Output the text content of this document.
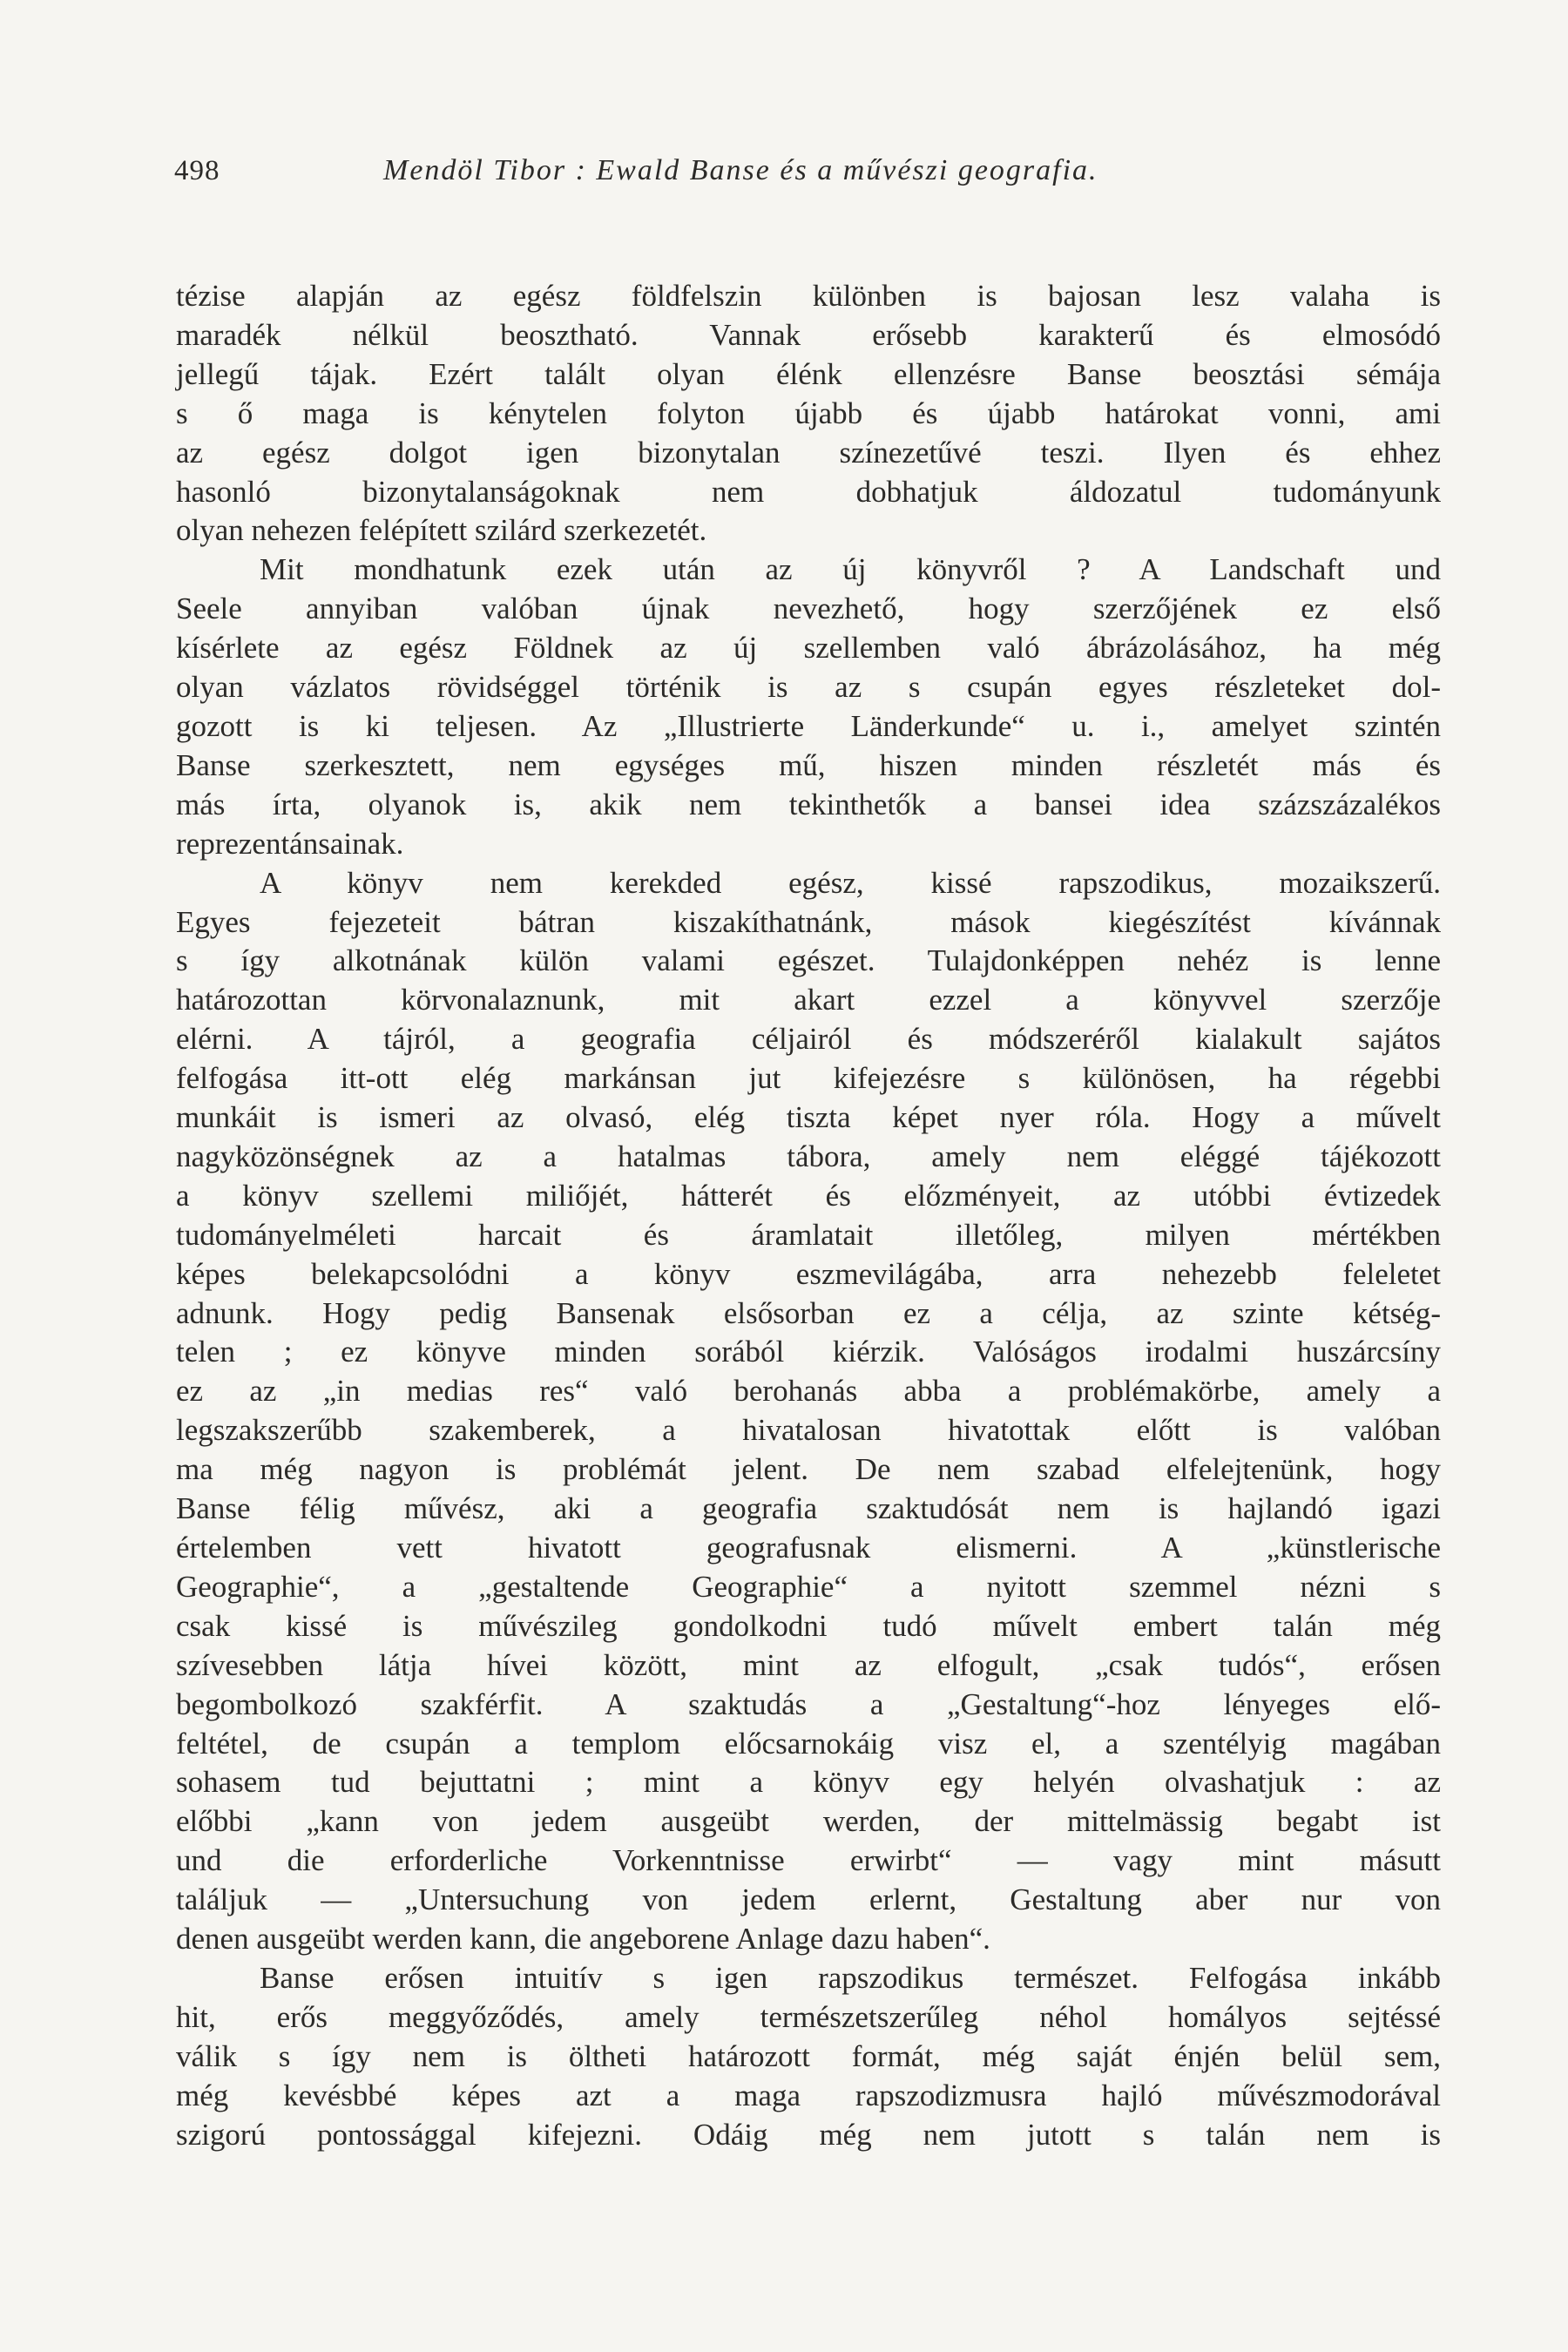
498	Mendöl Tibor : Ewald Banse és a művészi geografia.
tézise alapján az egész földfelszin különben is bajosan lesz valaha is
maradék nélkül beosztható. Vannak erősebb karakterű és elmosódó
jellegű tájak. Ezért talált olyan élénk ellenzésre Banse beosztási sémája
s ő maga is kénytelen folyton újabb és újabb határokat vonni, ami
az egész dolgot igen bizonytalan színezetűvé teszi. Ilyen és ehhez
hasonló bizonytalanságoknak nem dobhatjuk áldozatul tudományunk
olyan nehezen felépített szilárd szerkezetét.
Mit mondhatunk ezek után az új könyvről ? A Landschaft und
Seele annyiban valóban újnak nevezhető, hogy szerzőjének ez első
kísérlete az egész Földnek az új szellemben való ábrázolásához, ha még
olyan vázlatos rövidséggel történik is az s csupán egyes részleteket dol-
gozott is ki teljesen. Az „Illustrierte Länderkunde“ u. i., amelyet szintén
Banse szerkesztett, nem egységes mű, hiszen minden részletét más és
más írta, olyanok is, akik nem tekinthetők a bansei idea százszázalékos
reprezentánsainak.
A könyv nem kerekded egész, kissé rapszodikus, mozaikszerű.
Egyes fejezeteit bátran kiszakíthatnánk, mások kiegészítést kívánnak
s így alkotnának külön valami egészet. Tulajdonképpen nehéz is lenne
határozottan körvonalaznunk, mit akart ezzel a könyvvel szerzője
elérni. A tájról, a geografia céljairól és módszeréről kialakult sajátos
felfogása itt-ott elég markánsan jut kifejezésre s különösen, ha régebbi
munkáit is ismeri az olvasó, elég tiszta képet nyer róla. Hogy a művelt
nagyközönségnek az a hatalmas tábora, amely nem eléggé tájékozott
a könyv szellemi miliőjét, hátterét és előzményeit, az utóbbi évtizedek
tudományelméleti harcait és áramlatait illetőleg, milyen mértékben
képes belekapcsolódni a könyv eszmevilágába, arra nehezebb feleletet
adnunk. Hogy pedig Bansenak elsősorban ez a célja, az szinte kétség-
telen ; ez könyve minden sorából kiérzik. Valóságos irodalmi huszárcsíny
ez az „in medias res“ való berohanás abba a problémakörbe, amely a
legszakszerűbb szakemberek, a hivatalosan hivatottak előtt is valóban
ma még nagyon is problémát jelent. De nem szabad elfelejtenünk, hogy
Banse félig művész, aki a geografia szaktudósát nem is hajlandó igazi
értelemben vett hivatott geografusnak elismerni. A „künstlerische
Geographie“, a „gestaltende Geographie“ a nyitott szemmel nézni s
csak kissé is művészileg gondolkodni tudó művelt embert talán még
szívesebben látja hívei között, mint az elfogult, „csak tudós“, erősen
begombolkozó szakférfit. A szaktudás a „Gestaltung“-hoz lényeges elő-
feltétel, de csupán a templom előcsarnokáig visz el, a szentélyig magában
sohasem tud bejuttatni ; mint a könyv egy helyén olvashatjuk : az
előbbi „kann von jedem ausgeübt werden, der mittelmässig begabt ist
und die erforderliche Vorkenntnisse erwirbt“ — vagy mint másutt
találjuk — „Untersuchung von jedem erlernt, Gestaltung aber nur von
denen ausgeübt werden kann, die angeborene Anlage dazu haben“.
Banse erősen intuitív s igen rapszodikus természet. Felfogása inkább
hit, erős meggyőződés, amely természetszerűleg néhol homályos sejtéssé
válik s így nem is öltheti határozott formát, még saját énjén belül sem,
még kevésbbé képes azt a maga rapszodizmusra hajló művészmodorával
szigorú pontossággal kifejezni. Odáig még nem jutott s talán nem is
